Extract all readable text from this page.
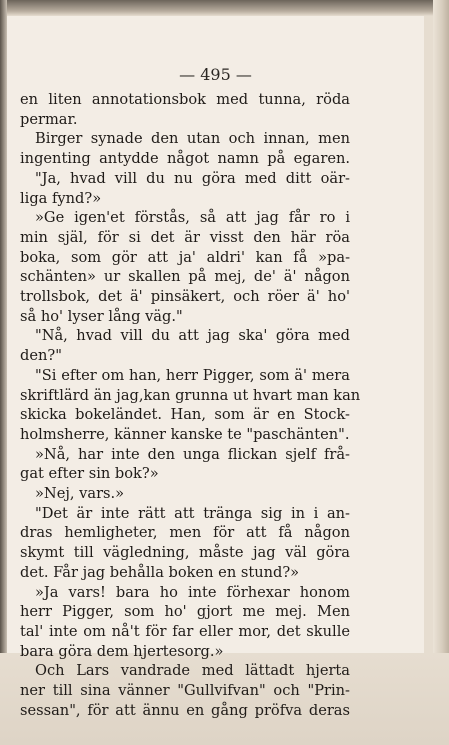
— 495 —
en liten annotationsbok med tunna, röda
permar.
Birger synade den utan och innan, men
ingenting antydde något namn på egaren.
"Ja, hvad vill du nu göra med ditt oär-
liga fynd?»
»Ge igen'et förstås, så att jag får ro i
min själ, för si det är visst den här röa
boka, som gör att ja' aldri' kan få »pa-
schänten» ur skallen på mej, de' ä' någon
trollsbok, det ä' pinsäkert, och röer ä' ho'
så ho' lyser lång väg."
"Nå, hvad vill du att jag ska' göra med
den?"
"Si efter om han, herr Pigger, som ä' mera
skriftlärd än jag,kan grunna ut hvart man kan
skicka bokeländet. Han, som är en Stock-
holmsherre, känner kanske te "paschänten".
»Nå, har inte den unga flickan sjelf frå-
gat efter sin bok?»
»Nej, vars.»
"Det är inte rätt att tränga sig in i an-
dras hemligheter, men för att få någon
skymt till vägledning, måste jag väl göra
det. Får jag behålla boken en stund?»
»Ja vars! bara ho inte förhexar honom
herr Pigger, som ho' gjort me mej. Men
tal' inte om nå't för far eller mor, det skulle
bara göra dem hjertesorg.»
Och Lars vandrade med lättadt hjerta
ner till sina vänner "Gullvifvan" och "Prin-
sessan", för att ännu en gång pröfva deras
